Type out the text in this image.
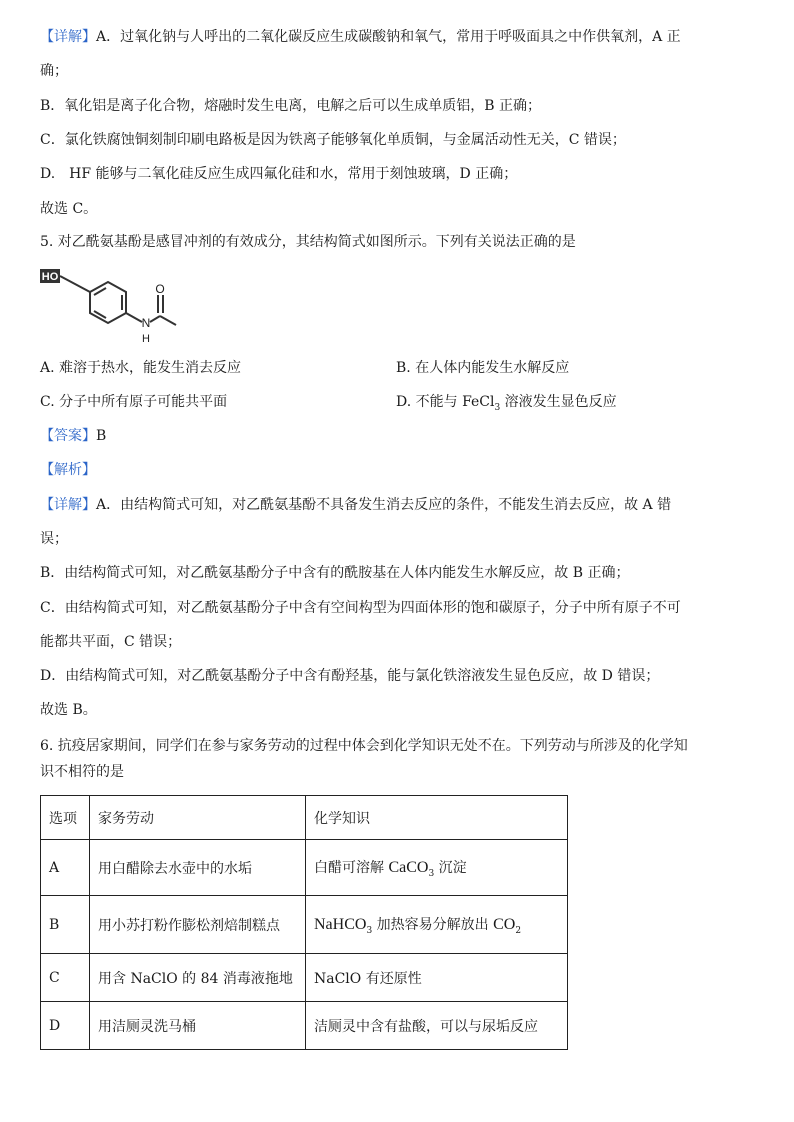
【详解】A．过氧化钠与人呼出的二氧化碳反应生成碳酸钠和氧气，常用于呼吸面具之中作供氧剂，A 正
确；
B．氧化铝是离子化合物，熔融时发生电离，电解之后可以生成单质铝，B 正确；
C．氯化铁腐蚀铜刻制印刷电路板是因为铁离子能够氧化单质铜，与金属活动性无关，C 错误；
D.　HF 能够与二氧化硅反应生成四氟化硅和水，常用于刻蚀玻璃，D 正确；
故选 C。
5. 对乙酰氨基酚是感冒冲剂的有效成分，其结构简式如图所示。下列有关说法正确的是
HO
O
N
H
A. 难溶于热水，能发生消去反应	B. 在人体内能发生水解反应
C. 分子中所有原子可能共平面	D. 不能与 FeCl$_3$ 溶液发生显色反应
【答案】B
【解析】
【详解】A．由结构简式可知，对乙酰氨基酚不具备发生消去反应的条件，不能发生消去反应，故 A 错
误；
B．由结构简式可知，对乙酰氨基酚分子中含有的酰胺基在人体内能发生水解反应，故 B 正确；
C．由结构简式可知，对乙酰氨基酚分子中含有空间构型为四面体形的饱和碳原子，分子中所有原子不可
能都共平面，C 错误；
D．由结构简式可知，对乙酰氨基酚分子中含有酚羟基，能与氯化铁溶液发生显色反应，故 D 错误；
故选 B。
6. 抗疫居家期间，同学们在参与家务劳动的过程中体会到化学知识无处不在。下列劳动与所涉及的化学知
识不相符的是
选项	家务劳动	化学知识
A	用白醋除去水壶中的水垢	白醋可溶解 CaCO$_3$ 沉淀
B	用小苏打粉作膨松剂焙制糕点	NaHCO$_3$ 加热容易分解放出 $CO_2$
C	用含 NaClO 的 84 消毒液拖地	NaClO 有还原性
D	用洁厕灵洗马桶	洁厕灵中含有盐酸，可以与尿垢反应
